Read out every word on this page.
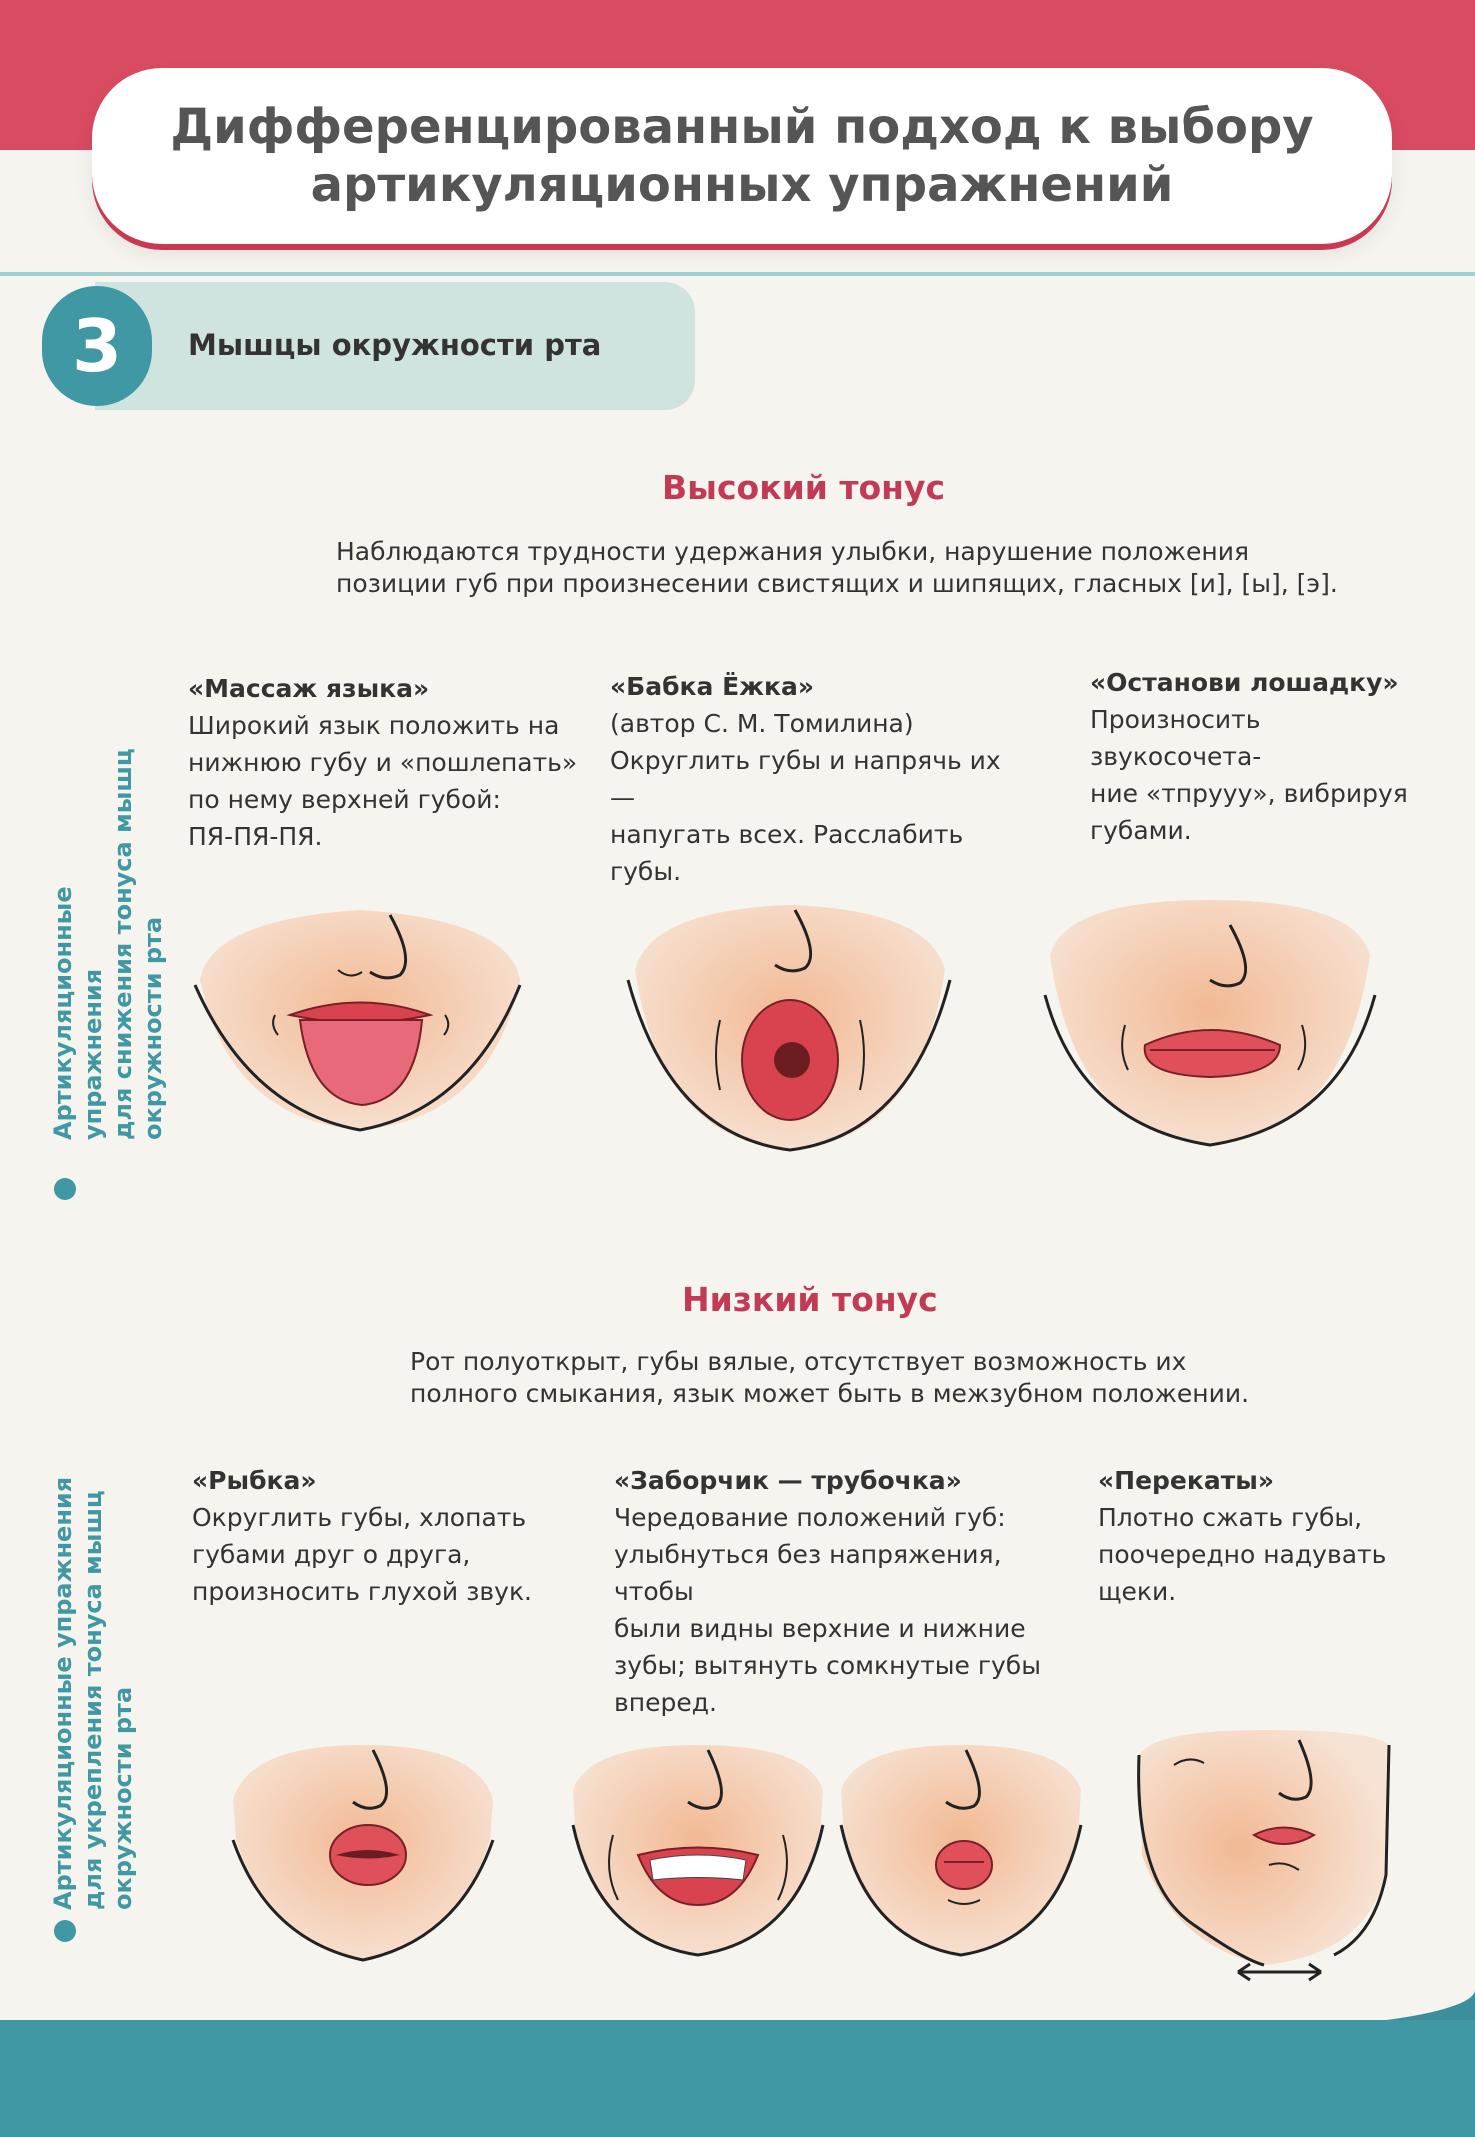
Дифференцированный подход к выбору
артикуляционных упражнений
3	Мышцы окружности рта
Высокий тонус
Наблюдаются трудности удержания улыбки, нарушение положения
позиции губ при произнесении свистящих и шипящих, гласных [и], [ы], [э].
Артикуляционные упражнения для снижения тонуса мышц окружности рта
«Массаж языка»
Широкий язык положить на
нижнюю губу и «пошлепать»
по нему верхней губой:
ПЯ-ПЯ-ПЯ.
«Бабка Ёжка»
(автор С. М. Томилина)
Округлить губы и напрячь их —
напугать всех. Расслабить губы.
«Останови лошадку»
Произносить звукосочета-
ние «тпрууу», вибрируя
губами.
Низкий тонус
Рот полуоткрыт, губы вялые, отсутствует возможность их
полного смыкания, язык может быть в межзубном положении.
Артикуляционные упражнения для укрепления тонуса мышц окружности рта
«Рыбка»
Округлить губы, хлопать
губами друг о друга,
произносить глухой звук.
«Заборчик — трубочка»
Чередование положений губ:
улыбнуться без напряжения, чтобы
были видны верхние и нижние
зубы; вытянуть сомкнутые губы
вперед.
«Перекаты»
Плотно сжать губы,
поочередно надувать
щеки.
